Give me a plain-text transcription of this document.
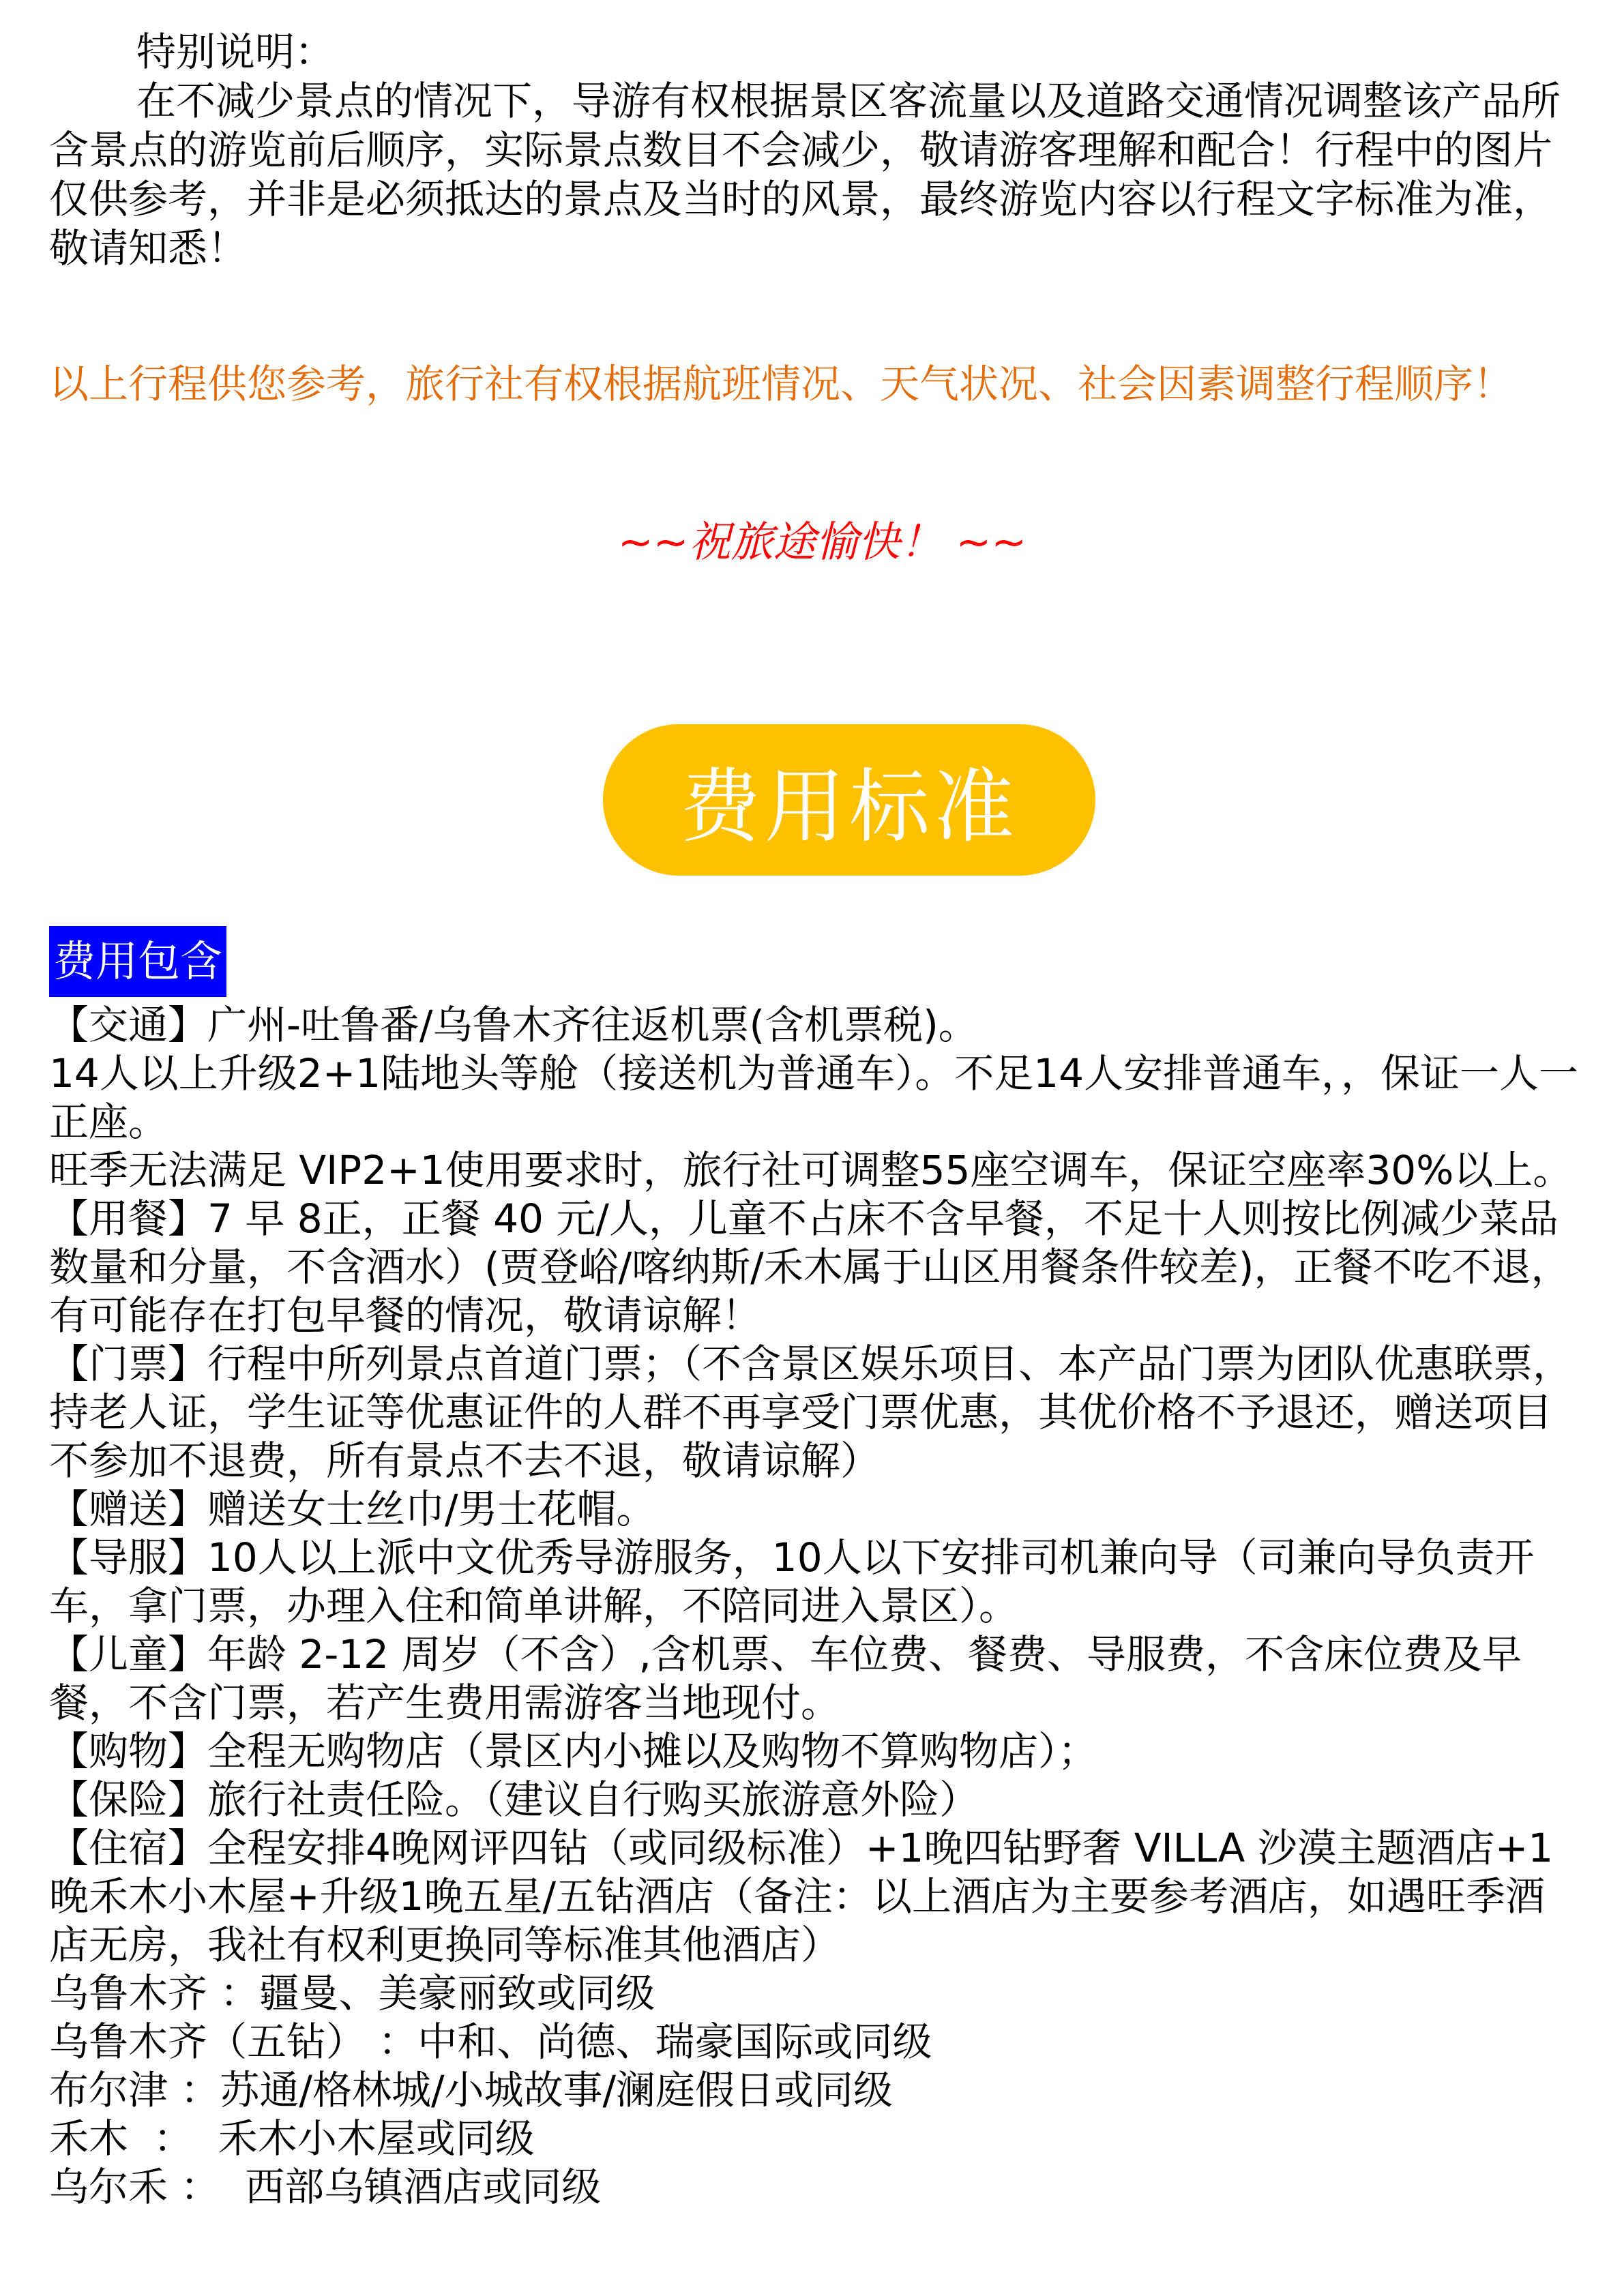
特别说明：
在不减少景点的情况下，导游有权根据景区客流量以及道路交通情况调整该产品所含景点的游览前后顺序，实际景点数目不会减少，敬请游客理解和配合！行程中的图片仅供参考，并非是必须抵达的景点及当时的风景，最终游览内容以行程文字标准为准，敬请知悉！
以上行程供您参考，旅行社有权根据航班情况、天气状况、社会因素调整行程顺序！
~~祝旅途愉快！ ~~
费用标准
费用包含

【交通】广州-吐鲁番/乌鲁木齐往返机票(含机票税)。

14人以上升级2+1陆地头等舱（接送机为普通车）。不足14人安排普通车，，保证一人一正座。

旺季无法满足 VIP2+1使用要求时，旅行社可调整55座空调车，保证空座率30%以上。

【用餐】7 早 8正，正餐 40 元/人，儿童不占床不含早餐，不足十人则按比例减少菜品数量和分量，不含酒水）(贾登峪/喀纳斯/禾木属于山区用餐条件较差)，正餐不吃不退，有可能存在打包早餐的情况，敬请谅解！

【门票】行程中所列景点首道门票；（不含景区娱乐项目、本产品门票为团队优惠联票，持老人证，学生证等优惠证件的人群不再享受门票优惠，其优价格不予退还，赠送项目不参加不退费，所有景点不去不退，敬请谅解）

【赠送】赠送女士丝巾/男士花帽。

【导服】10人以上派中文优秀导游服务，10人以下安排司机兼向导（司兼向导负责开车，拿门票，办理入住和简单讲解，不陪同进入景区）。

【儿童】年龄 2-12 周岁（不含）,含机票、车位费、餐费、导服费，不含床位费及早餐，不含门票，若产生费用需游客当地现付。

【购物】全程无购物店（景区内小摊以及购物不算购物店）；

【保险】旅行社责任险。（建议自行购买旅游意外险）

【住宿】全程安排4晚网评四钻（或同级标准）+1晚四钻野奢 VILLA 沙漠主题酒店+1晚禾木小木屋+升级1晚五星/五钻酒店（备注：以上酒店为主要参考酒店，如遇旺季酒店无房，我社有权利更换同等标准其他酒店）

乌鲁木齐 ：疆曼、美豪丽致或同级

乌鲁木齐（五钻） ：中和、尚德、瑞豪国际或同级

布尔津 ：苏通/格林城/小城故事/澜庭假日或同级

禾木  ：  禾木小木屋或同级

乌尔禾 ：  西部乌镇酒店或同级
